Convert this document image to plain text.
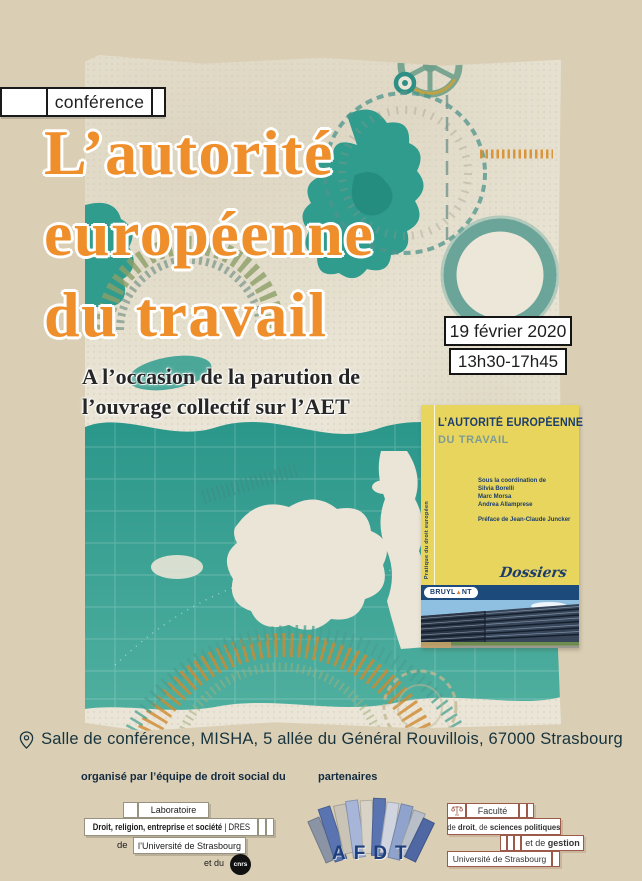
conférence
L’autorité
européenne
du travail
A l’occasion de la parution de
l’ouvrage collectif sur l’AET
19 février 2020
13h30-17h45
L’AUTORITÉ EUROPÉENNE
DU TRAVAIL
Sous la coordination de
Silvia Borelli
Marc Morsa
Andrea Allamprese
Préface de Jean-Claude Juncker
Pratique du droit européen	Dossiers
BRUYL▲NT
Salle de conférence, MISHA, 5 allée du Général Rouvillois, 67000 Strasbourg
organisé par l’équipe de droit social du	partenaires
Laboratoire
Droit, religion, entreprise et société | DRES
de	l’Université de Strasbourg
et du	cnrs
AFDT
Faculté
de droit, de sciences politiques
et de gestion
Université de Strasbourg
